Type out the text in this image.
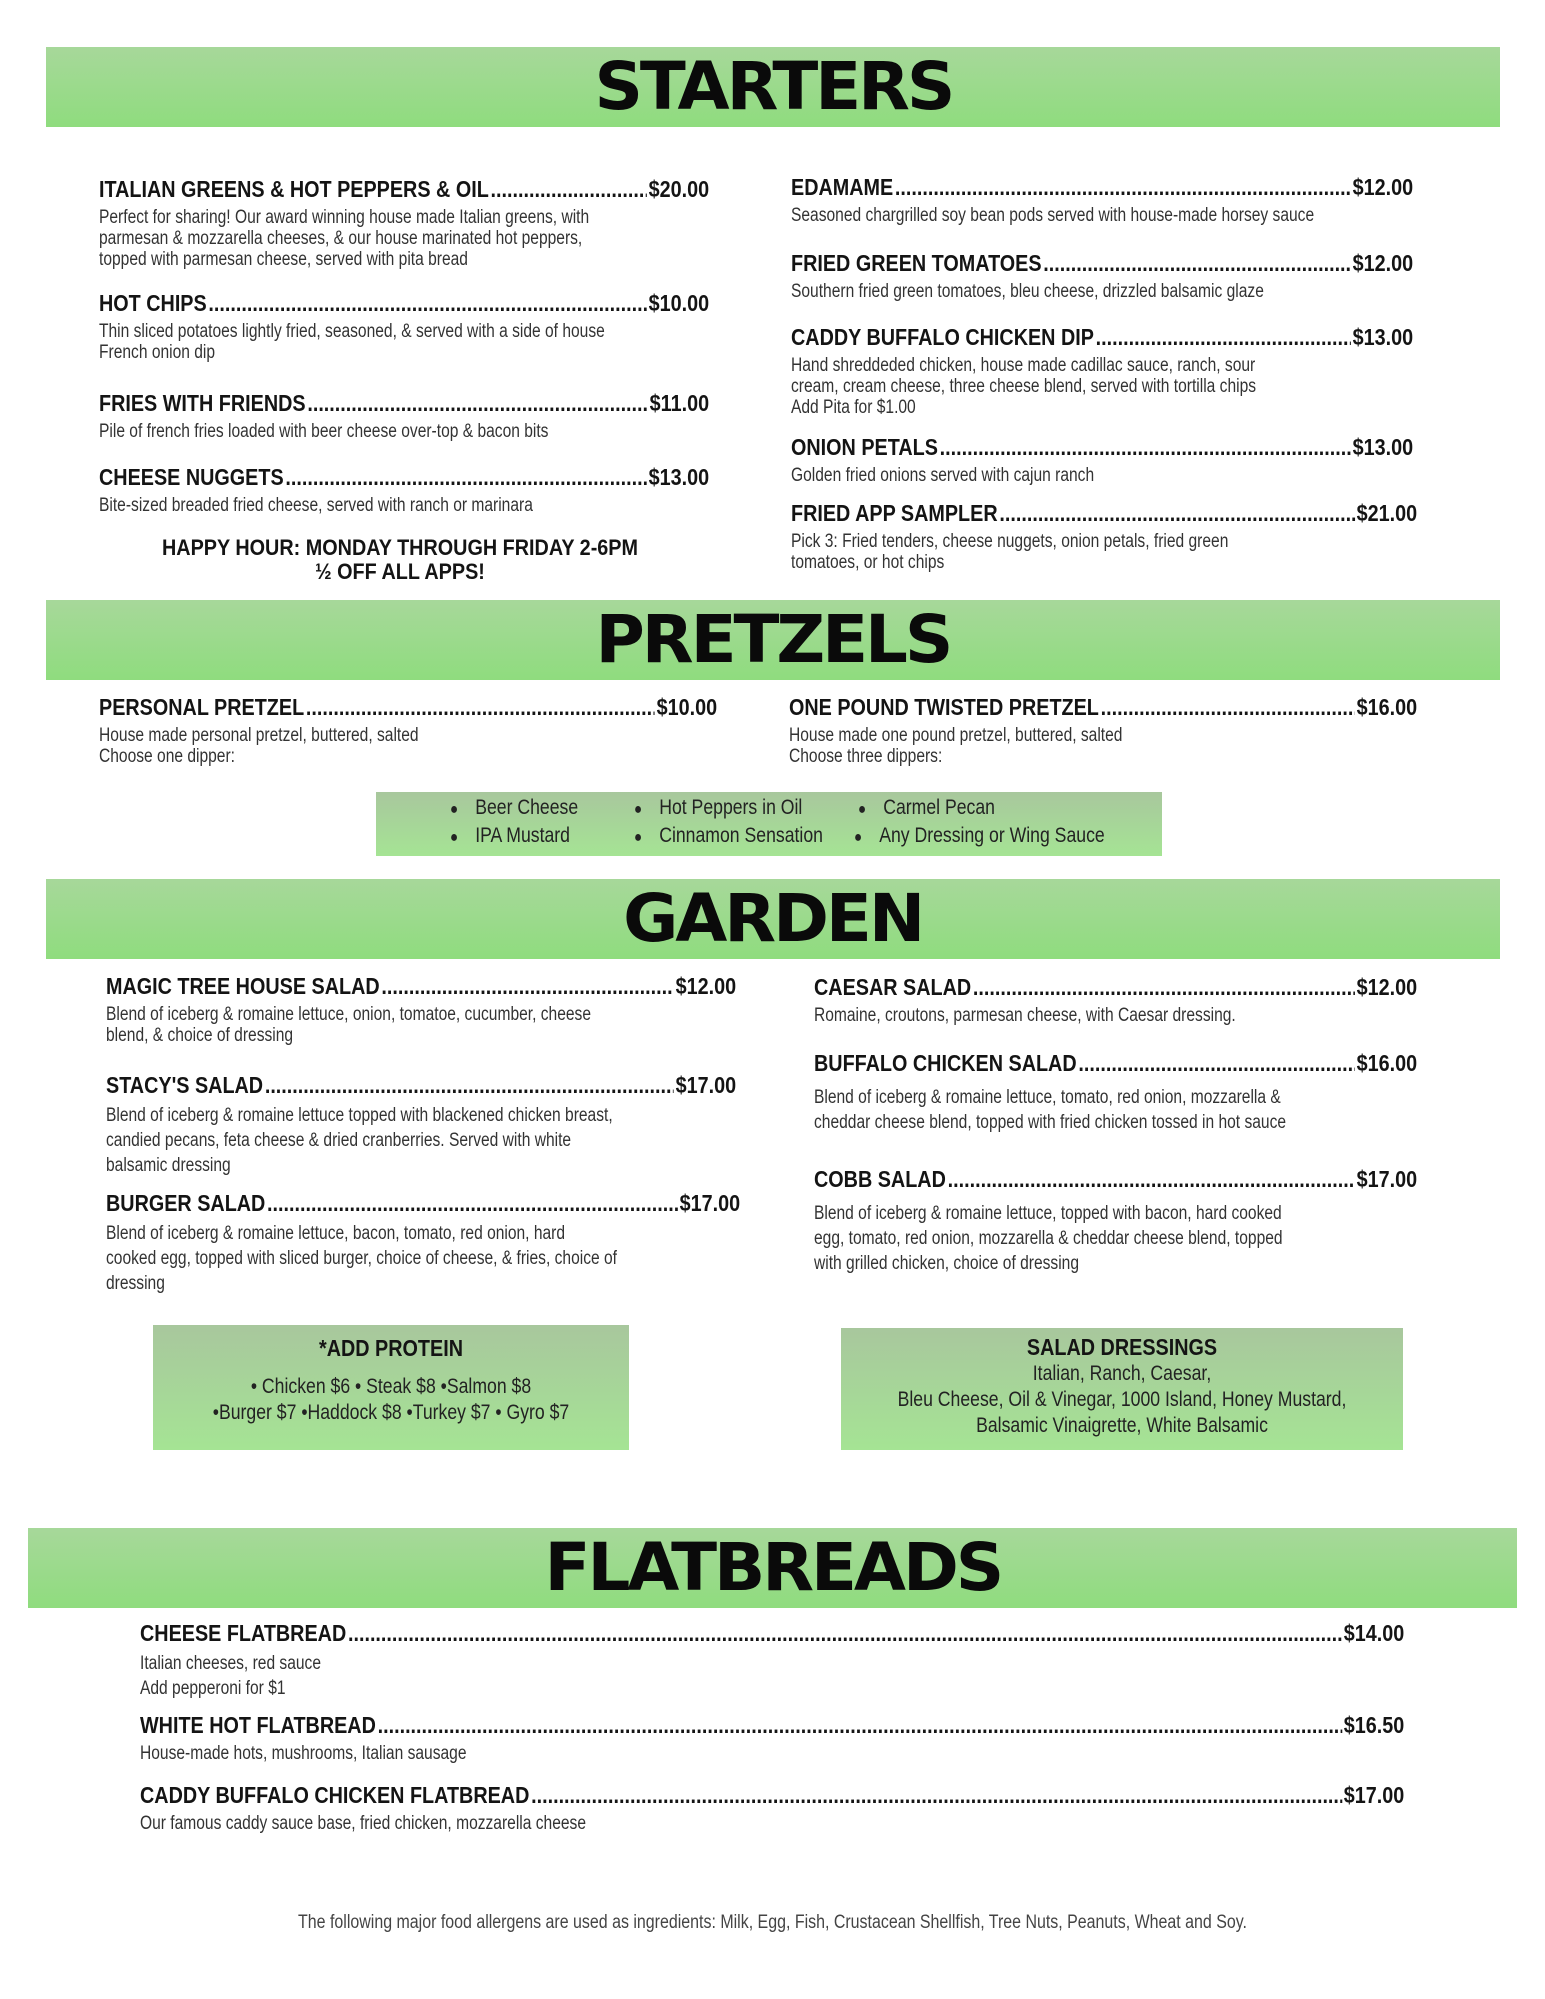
STARTERS
ITALIAN GREENS & HOT PEPPERS & OIL .....	$20.00
Perfect for sharing! Our award winning house made Italian greens, with
parmesan & mozzarella cheeses, & our house marinated hot peppers,
topped with parmesan cheese, served with pita bread
HOT CHIPS .....	$10.00
Thin sliced potatoes lightly fried, seasoned, & served with a side of house
French onion dip
FRIES WITH FRIENDS .....	$11.00
Pile of french fries loaded with beer cheese over-top & bacon bits
CHEESE NUGGETS .....	$13.00
Bite-sized breaded fried cheese, served with ranch or marinara
HAPPY HOUR: MONDAY THROUGH FRIDAY 2-6PM
½ OFF ALL APPS!
EDAMAME .....	$12.00
Seasoned chargrilled soy bean pods served with house-made horsey sauce
FRIED GREEN TOMATOES .....	$12.00
Southern fried green tomatoes, bleu cheese, drizzled balsamic glaze
CADDY BUFFALO CHICKEN DIP .....	$13.00
Hand shreddeded chicken, house made cadillac sauce, ranch, sour
cream, cream cheese, three cheese blend, served with tortilla chips
Add Pita for $1.00
ONION PETALS .....	$13.00
Golden fried onions served with cajun ranch
FRIED APP SAMPLER .....	$21.00
Pick 3: Fried tenders, cheese nuggets, onion petals, fried green
tomatoes, or hot chips
PRETZELS
PERSONAL PRETZEL .....	$10.00
House made personal pretzel, buttered, salted
Choose one dipper:
ONE POUND TWISTED PRETZEL .....	$16.00
House made one pound pretzel, buttered, salted
Choose three dippers:
● Beer Cheese
● IPA Mustard
● Hot Peppers in Oil
● Cinnamon Sensation
● Carmel Pecan
● Any Dressing or Wing Sauce
GARDEN
MAGIC TREE HOUSE SALAD .....	$12.00
Blend of iceberg & romaine lettuce, onion, tomatoe, cucumber, cheese
blend, & choice of dressing
STACY'S SALAD .....	$17.00
Blend of iceberg & romaine lettuce topped with blackened chicken breast,
candied pecans, feta cheese & dried cranberries. Served with white
balsamic dressing
BURGER SALAD .....	$17.00
Blend of iceberg & romaine lettuce, bacon, tomato, red onion, hard
cooked egg, topped with sliced burger, choice of cheese, & fries, choice of
dressing
CAESAR SALAD .....	$12.00
Romaine, croutons, parmesan cheese, with Caesar dressing.
BUFFALO CHICKEN SALAD .....	$16.00
Blend of iceberg & romaine lettuce, tomato, red onion, mozzarella &
cheddar cheese blend, topped with fried chicken tossed in hot sauce
COBB SALAD .....	$17.00
Blend of iceberg & romaine lettuce, topped with bacon, hard cooked
egg, tomato, red onion, mozzarella & cheddar cheese blend, topped
with grilled chicken, choice of dressing
*ADD PROTEIN
• Chicken $6 • Steak $8 •Salmon $8
•Burger $7 •Haddock $8 •Turkey $7 • Gyro $7
SALAD DRESSINGS
Italian, Ranch, Caesar,
Bleu Cheese, Oil & Vinegar, 1000 Island, Honey Mustard,
Balsamic Vinaigrette, White Balsamic
FLATBREADS
CHEESE FLATBREAD .....	$14.00
Italian cheeses, red sauce
Add pepperoni for $1
WHITE HOT FLATBREAD .....	$16.50
House-made hots, mushrooms, Italian sausage
CADDY BUFFALO CHICKEN FLATBREAD .....	$17.00
Our famous caddy sauce base, fried chicken, mozzarella cheese
The following major food allergens are used as ingredients: Milk, Egg, Fish, Crustacean Shellfish, Tree Nuts, Peanuts, Wheat and Soy.
